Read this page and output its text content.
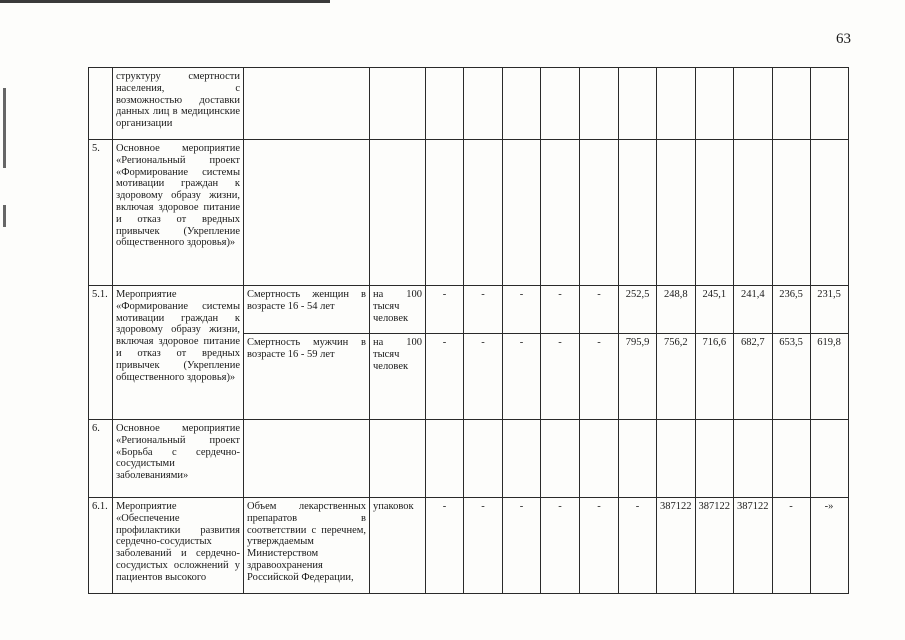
63
	структуру смертности населения, с возможностью доставки данных лиц в медицинские организации													
5.	Основное мероприятие «Региональный проект «Формирование системы мотивации граждан к здоровому образу жизни, включая здоровое питание и отказ от вредных привычек (Укрепление общественного здоровья)»													
5.1.	Мероприятие «Формирование системы мотивации граждан к здоровому образу жизни, включая здоровое питание и отказ от вредных привычек (Укрепление общественного здоровья)»	Смертность женщин в возрасте 16 - 54 лет	на 100 тысяч человек	-	-	-	-	-	252,5	248,8	245,1	241,4	236,5	231,5
		Смертность мужчин в возрасте 16 - 59 лет	на 100 тысяч человек	-	-	-	-	-	795,9	756,2	716,6	682,7	653,5	619,8
6.	Основное мероприятие «Региональный проект «Борьба с сердечно-сосудистыми заболеваниями»													
6.1.	Мероприятие «Обеспечение профилактики развития сердечно-сосудистых заболеваний и сердечно-сосудистых осложнений у пациентов высокого	Объем лекарственных препаратов в соответствии с перечнем, утверждаемым Министерством здравоохранения Российской Федерации,	упаковок	-	-	-	-	-	-	387122	387122	387122	-	-»
